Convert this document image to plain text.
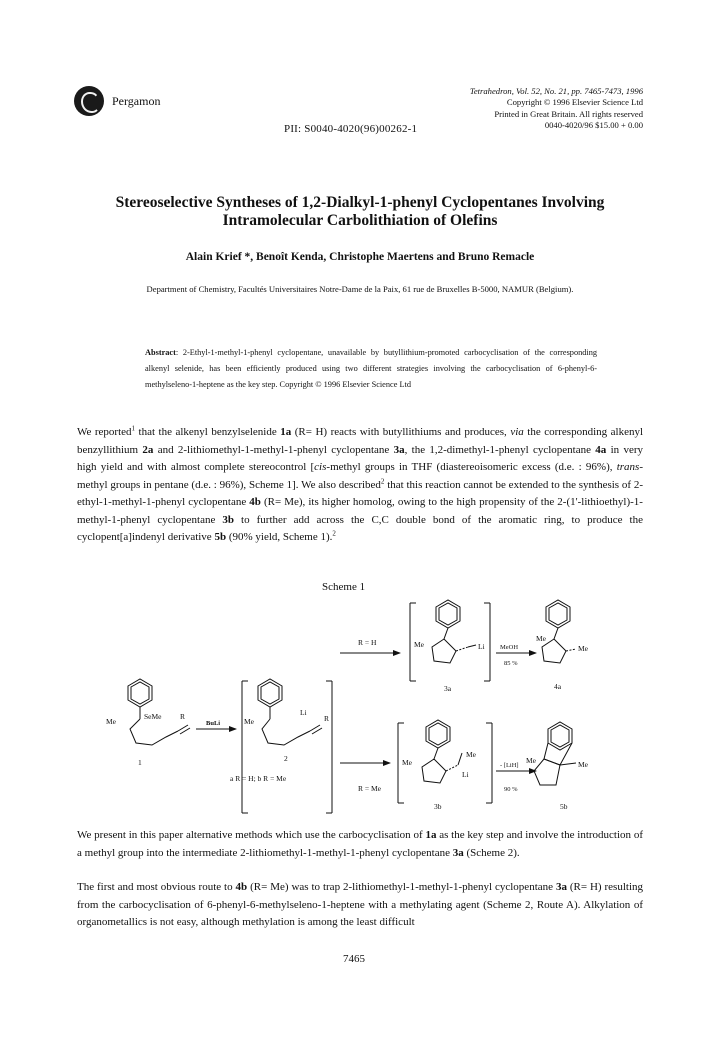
Pergamon
Tetrahedron, Vol. 52, No. 21, pp. 7465-7473, 1996
Copyright © 1996 Elsevier Science Ltd
Printed in Great Britain. All rights reserved
0040-4020/96 $15.00 + 0.00
PII: S0040-4020(96)00262-1
Stereoselective Syntheses of 1,2-Dialkyl-1-phenyl Cyclopentanes Involving
Intramolecular Carbolithiation of Olefins
Alain Krief *, Benoît Kenda, Christophe Maertens and Bruno Remacle
Department of Chemistry, Facultés Universitaires Notre-Dame de la Paix, 61 rue de Bruxelles B-5000, NAMUR (Belgium).
Abstract: 2-Ethyl-1-methyl-1-phenyl cyclopentane, unavailable by butyllithium-promoted carbocyclisation of the corresponding alkenyl selenide, has been efficiently produced using two different strategies involving the carbocyclisation of 6-phenyl-6-methylseleno-1-heptene as the key step. Copyright © 1996 Elsevier Science Ltd
We reported$^1$ that the alkenyl benzylselenide 1a (R= H) reacts with butyllithiums and produces, via the corresponding alkenyl benzyllithium 2a and 2-lithiomethyl-1-methyl-1-phenyl cyclopentane 3a, the 1,2-dimethyl-1-phenyl cyclopentane 4a in very high yield and with almost complete stereocontrol [cis-methyl groups in THF (diastereoisomeric excess (d.e. : 96%), trans-methyl groups in pentane (d.e. : 96%), Scheme 1]. We also described$^2$ that this reaction cannot be extended to the synthesis of 2-ethyl-1-methyl-1-phenyl cyclopentane 4b (R= Me), its higher homolog, owing to the high propensity of the 2-(1'-lithioethyl)-1-methyl-1-phenyl cyclopentane 3b to further add across the C,C double bond of the aromatic ring, to produce the cyclopent[a]indenyl derivative 5b (90% yield, Scheme 1).$^2$
Scheme 1
Me
SeMe R
1
BuLi	Me
Li
R
2
a R = H; b R = Me
R = H
R = Me
Me	Li
3a
MeOH
85 %
Me
Me
4a
Me
Me
Li
3b
- [LiH]
90 %
Me	Me
5b
We present in this paper alternative methods which use the carbocyclisation of 1a as the key step and involve the introduction of a methyl group into the intermediate 2-lithiomethyl-1-methyl-1-phenyl cyclopentane 3a (Scheme 2).
The first and most obvious route to 4b (R= Me) was to trap 2-lithiomethyl-1-methyl-1-phenyl cyclopentane 3a (R= H) resulting from the carbocyclisation of 6-phenyl-6-methylseleno-1-heptene with a methylating agent (Scheme 2, Route A). Alkylation of organometallics is not easy, although methylation is among the least difficult
7465
